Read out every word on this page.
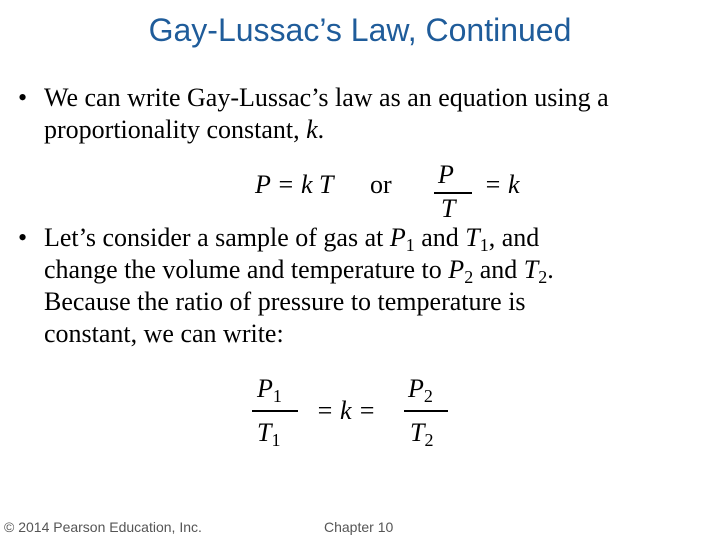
Gay-Lussac’s Law, Continued
• We can write Gay-Lussac’s law as an equation using a proportionality constant, k.
P = k T or P
T
= k
• Let’s consider a sample of gas at $P_1$ and $T_1$, and
change the volume and temperature to $P_2$ and $T_2$.
Because the ratio of pressure to temperature is
constant, we can write:
$P_1$
$T_1$
= k =
$P_2$
$T_2$
© 2014 Pearson Education, Inc.	Chapter 10
